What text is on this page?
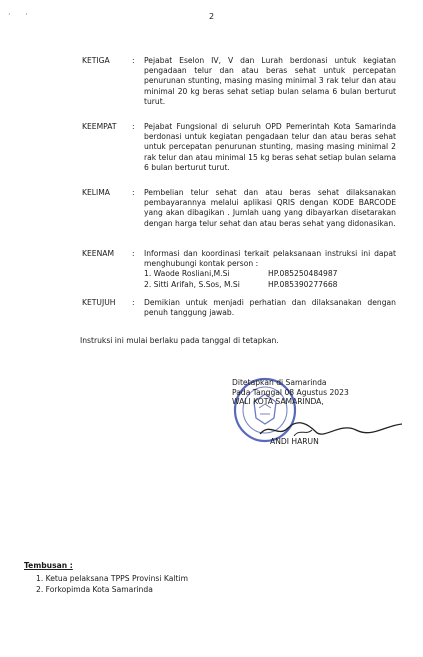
· ·	2
KETIGA	:	Pejabat Eselon IV, V dan Lurah berdonasi untuk kegiatan pengadaan telur dan atau beras sehat untuk percepatan penurunan stunting, masing masing minimal 3 rak telur dan atau minimal 20 kg beras sehat setiap bulan selama 6 bulan berturut turut.
KEEMPAT	:	Pejabat Fungsional di seluruh OPD Pemerintah Kota Samarinda berdonasi untuk kegiatan pengadaan telur dan atau beras sehat untuk percepatan penurunan stunting, masing masing minimal 2 rak telur dan atau minimal 15 kg beras sehat setiap bulan selama 6 bulan berturut turut.
KELIMA	:	Pembelian telur sehat dan atau beras sehat dilaksanakan pembayarannya melalui aplikasi QRIS dengan KODE BARCODE yang akan dibagikan . Jumlah uang yang dibayarkan disetarakan dengan harga telur sehat dan atau beras sehat yang didonasikan.
KEENAM	:	Informasi dan koordinasi terkait pelaksanaan instruksi ini dapat menghubungi kontak person :
1. Waode Rosliani,M.Si	HP.085250484987
2. Sitti Arifah, S.Sos, M.Si	HP.085390277668
KETUJUH	:	Demikian untuk menjadi perhatian dan dilaksanakan dengan penuh tanggung jawab.
Instruksi ini mulai berlaku pada tanggal di tetapkan.
Ditetapkan di Samarinda
Pada Tanggal 08 Agustus 2023
WALI KOTA SAMARINDA,
ANDI HARUN
Tembusan :
1. Ketua pelaksana TPPS Provinsi Kaltim
2. Forkopimda Kota Samarinda
